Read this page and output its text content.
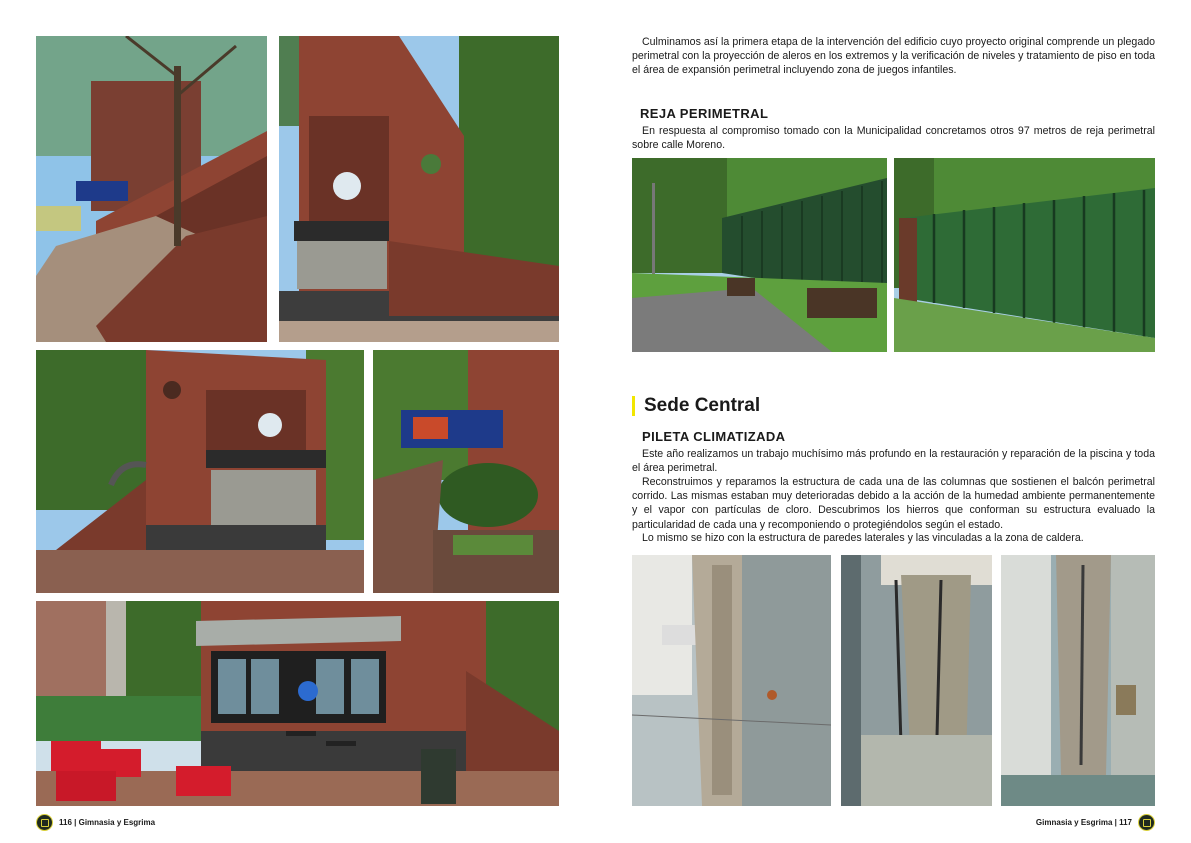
Culminamos así la primera etapa de la intervención del edificio cuyo proyecto original comprende un plegado perimetral con la proyección de aleros en los extremos y la verificación de niveles y tratamiento de piso en toda el área de expansión perimetral incluyendo zona de juegos infantiles.

REJA PERIMETRAL

En respuesta al compromiso tomado con la Municipalidad concretamos otros 97 metros de reja perimetral sobre calle Moreno.

Sede Central
PILETA CLIMATIZADA

Este año realizamos un trabajo muchísimo más profundo en la restauración y reparación de la piscina y toda el área perimetral.

Reconstruimos y reparamos la estructura de cada una de las columnas que sostienen el balcón perimetral corrido. Las mismas estaban muy deterioradas debido a la acción de la humedad ambiente permanentemente y el vapor con partículas de cloro. Descubrimos los hierros que conforman su estructura evaluado la particularidad de cada una y recomponiendo o protegiéndolos según el estado.

Lo mismo se hizo con la estructura de paredes laterales y las vinculadas a la zona de caldera.

116 | Gimnasia y Esgrima	Gimnasia y Esgrima | 117
